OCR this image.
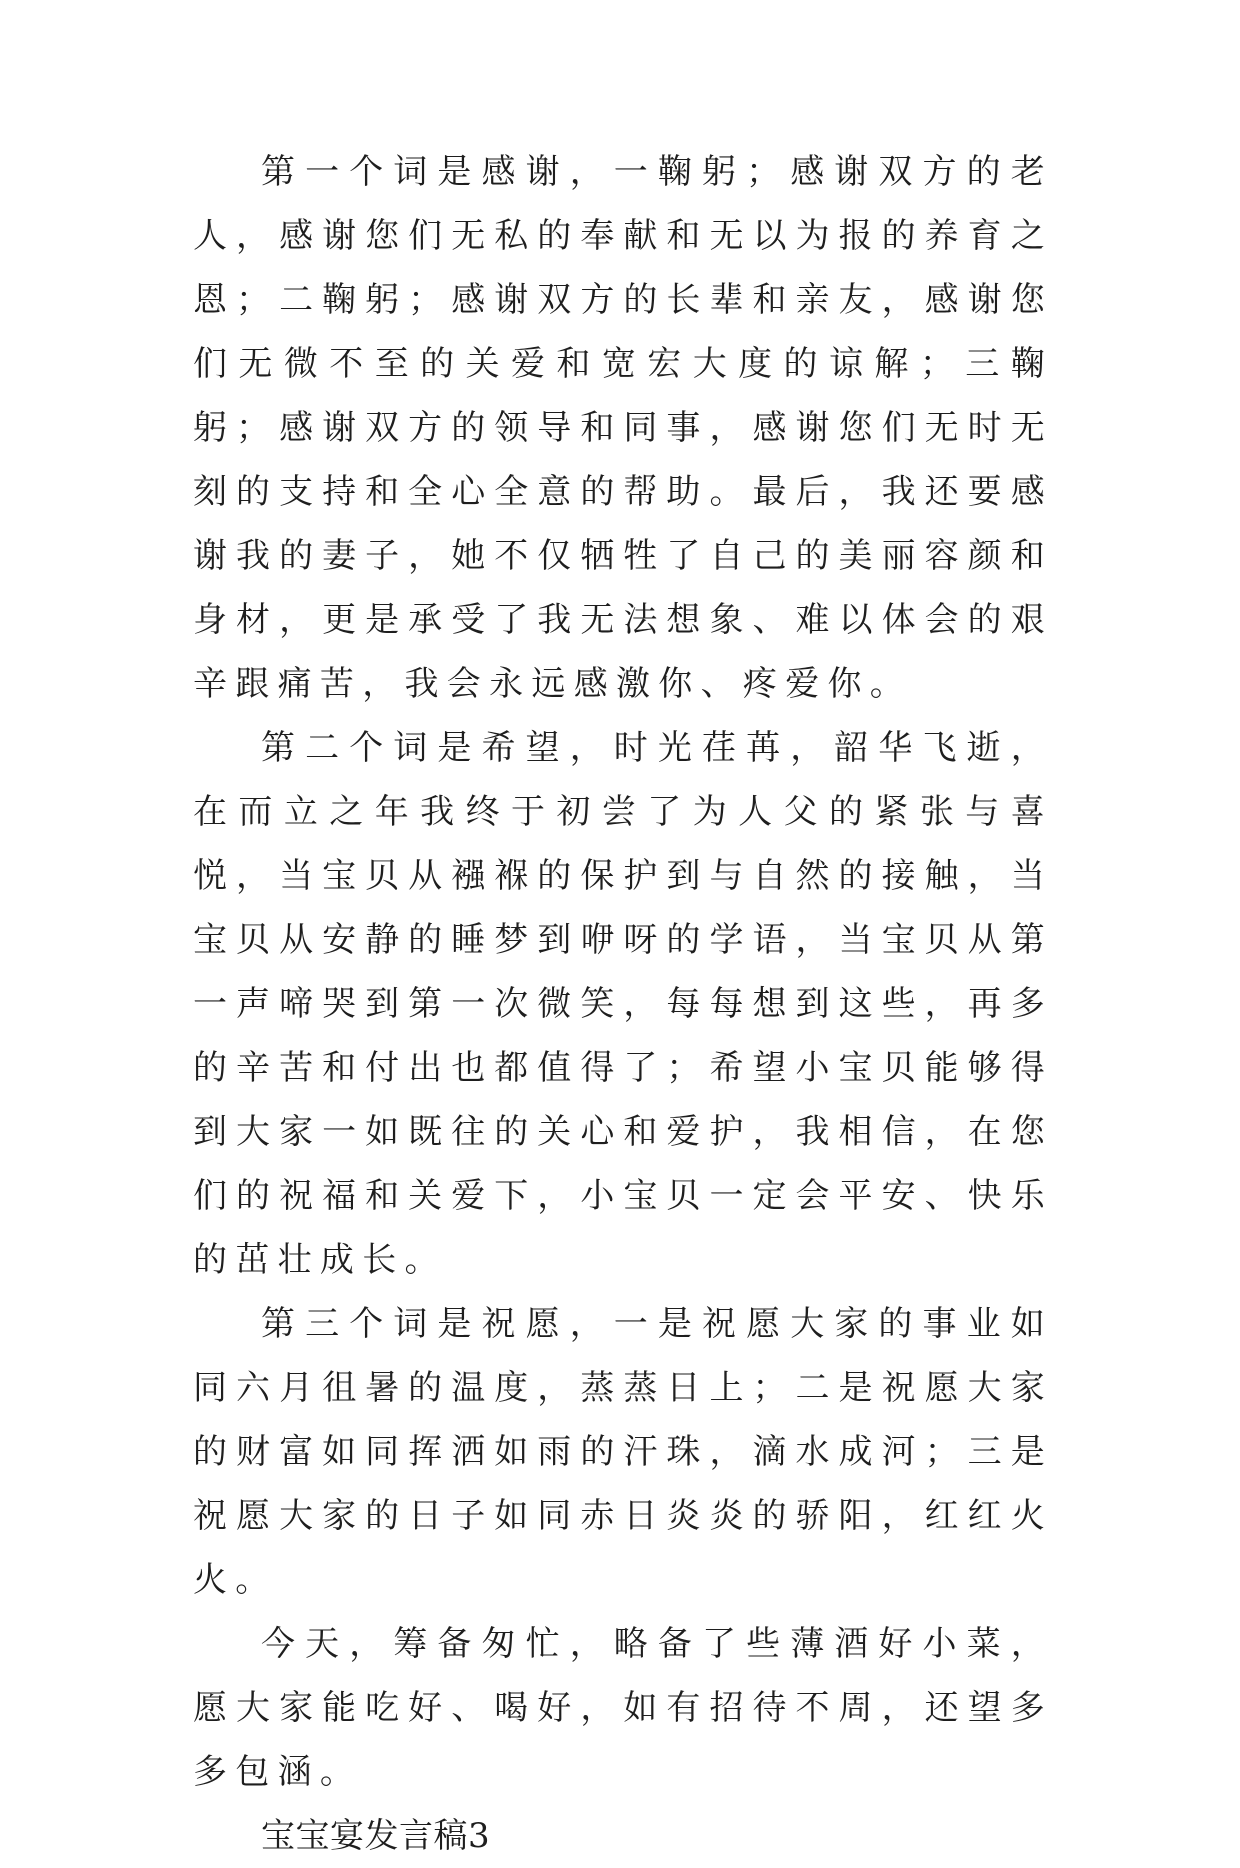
第一个词是感谢，一鞠躬；感谢双方的老人，感谢您们无私的奉献和无以为报的养育之恩；二鞠躬；感谢双方的长辈和亲友，感谢您们无微不至的关爱和宽宏大度的谅解；三鞠躬；感谢双方的领导和同事，感谢您们无时无刻的支持和全心全意的帮助。最后，我还要感谢我的妻子，她不仅牺牲了自己的美丽容颜和身材，更是承受了我无法想象、难以体会的艰辛跟痛苦，我会永远感激你、疼爱你。

第二个词是希望，时光荏苒，韶华飞逝，在而立之年我终于初尝了为人父的紧张与喜悦，当宝贝从襁褓的保护到与自然的接触，当宝贝从安静的睡梦到咿呀的学语，当宝贝从第一声啼哭到第一次微笑，每每想到这些，再多的辛苦和付出也都值得了；希望小宝贝能够得到大家一如既往的关心和爱护，我相信，在您们的祝福和关爱下，小宝贝一定会平安、快乐的茁壮成长。

第三个词是祝愿，一是祝愿大家的事业如同六月徂暑的温度，蒸蒸日上；二是祝愿大家的财富如同挥洒如雨的汗珠，滴水成河；三是祝愿大家的日子如同赤日炎炎的骄阳，红红火火。

今天，筹备匆忙，略备了些薄酒好小菜，愿大家能吃好、喝好，如有招待不周，还望多多包涵。

宝宝宴发言稿3
